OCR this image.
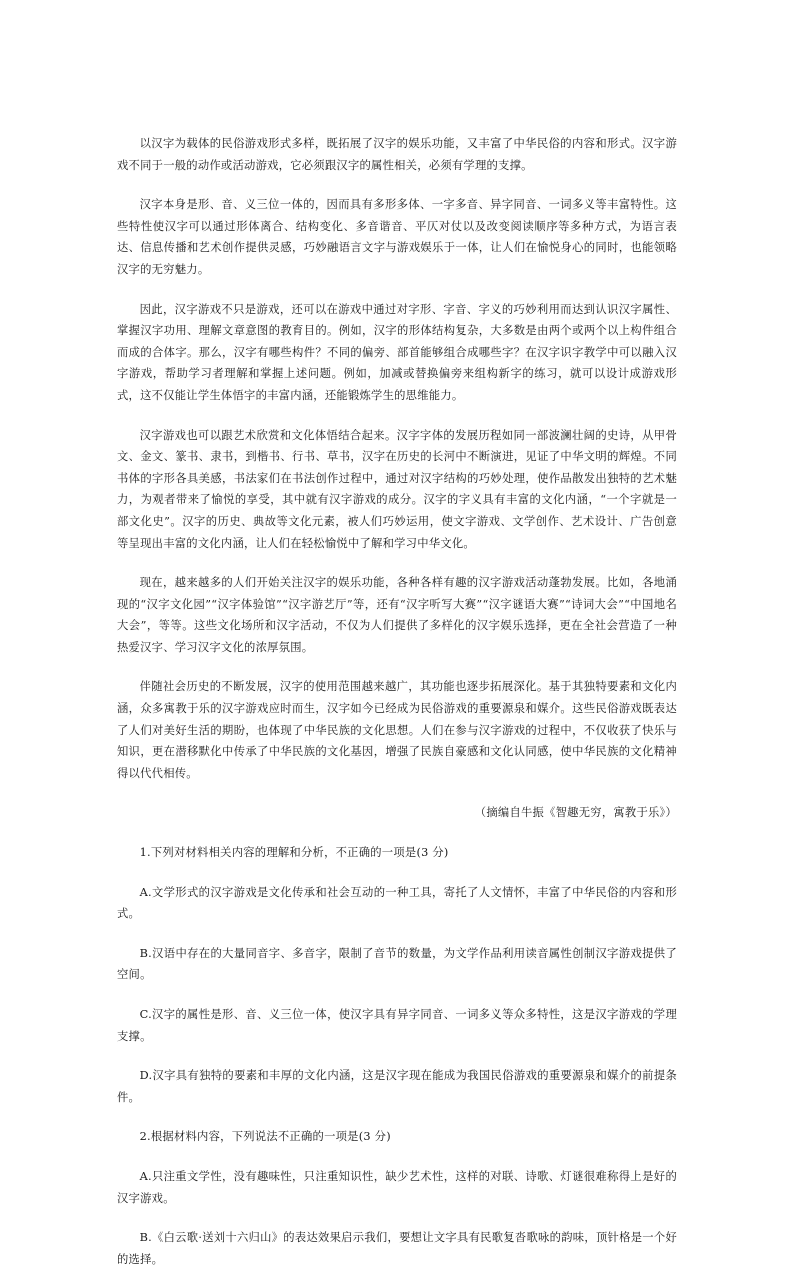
以汉字为载体的民俗游戏形式多样，既拓展了汉字的娱乐功能，又丰富了中华民俗的内容和形式。汉字游戏不同于一般的动作或活动游戏，它必须跟汉字的属性相关，必须有学理的支撑。

汉字本身是形、音、义三位一体的，因而具有多形多体、一字多音、异字同音、一词多义等丰富特性。这些特性使汉字可以通过形体离合、结构变化、多音谐音、平仄对仗以及改变阅读顺序等多种方式，为语言表达、信息传播和艺术创作提供灵感，巧妙融语言文字与游戏娱乐于一体，让人们在愉悦身心的同时，也能领略汉字的无穷魅力。

因此，汉字游戏不只是游戏，还可以在游戏中通过对字形、字音、字义的巧妙利用而达到认识汉字属性、掌握汉字功用、理解文章意图的教育目的。例如，汉字的形体结构复杂，大多数是由两个或两个以上构件组合而成的合体字。那么，汉字有哪些构件？不同的偏旁、部首能够组合成哪些字？在汉字识字教学中可以融入汉字游戏，帮助学习者理解和掌握上述问题。例如，加减或替换偏旁来组构新字的练习，就可以设计成游戏形式，这不仅能让学生体悟字的丰富内涵，还能锻炼学生的思维能力。

汉字游戏也可以跟艺术欣赏和文化体悟结合起来。汉字字体的发展历程如同一部波澜壮阔的史诗，从甲骨文、金文、篆书、隶书，到楷书、行书、草书，汉字在历史的长河中不断演进，见证了中华文明的辉煌。不同书体的字形各具美感，书法家们在书法创作过程中，通过对汉字结构的巧妙处理，使作品散发出独特的艺术魅力，为观者带来了愉悦的享受，其中就有汉字游戏的成分。汉字的字义具有丰富的文化内涵，“一个字就是一部文化史”。汉字的历史、典故等文化元素，被人们巧妙运用，使文字游戏、文学创作、艺术设计、广告创意等呈现出丰富的文化内涵，让人们在轻松愉悦中了解和学习中华文化。

现在，越来越多的人们开始关注汉字的娱乐功能，各种各样有趣的汉字游戏活动蓬勃发展。比如，各地涌现的“汉字文化园”“汉字体验馆”“汉字游艺厅”等，还有“汉字听写大赛”“汉字谜语大赛”“诗词大会”“中国地名大会”，等等。这些文化场所和汉字活动，不仅为人们提供了多样化的汉字娱乐选择，更在全社会营造了一种热爱汉字、学习汉字文化的浓厚氛围。

伴随社会历史的不断发展，汉字的使用范围越来越广，其功能也逐步拓展深化。基于其独特要素和文化内涵，众多寓教于乐的汉字游戏应时而生，汉字如今已经成为民俗游戏的重要源泉和媒介。这些民俗游戏既表达了人们对美好生活的期盼，也体现了中华民族的文化思想。人们在参与汉字游戏的过程中，不仅收获了快乐与知识，更在潜移默化中传承了中华民族的文化基因，增强了民族自豪感和文化认同感，使中华民族的文化精神得以代代相传。

（摘编自牛振《智趣无穷，寓教于乐》）

1.下列对材料相关内容的理解和分析，不正确的一项是(3 分)

A.文学形式的汉字游戏是文化传承和社会互动的一种工具，寄托了人文情怀，丰富了中华民俗的内容和形式。

B.汉语中存在的大量同音字、多音字，限制了音节的数量，为文学作品利用读音属性创制汉字游戏提供了空间。

C.汉字的属性是形、音、义三位一体，使汉字具有异字同音、一词多义等众多特性，这是汉字游戏的学理支撑。

D.汉字具有独特的要素和丰厚的文化内涵，这是汉字现在能成为我国民俗游戏的重要源泉和媒介的前提条件。

2.根据材料内容，下列说法不正确的一项是(3 分)

A.只注重文学性，没有趣味性，只注重知识性，缺少艺术性，这样的对联、诗歌、灯谜很难称得上是好的汉字游戏。

B.《白云歌·送刘十六归山》的表达效果启示我们，要想让文字具有民歌复沓歌咏的韵味，顶针格是一个好的选择。
